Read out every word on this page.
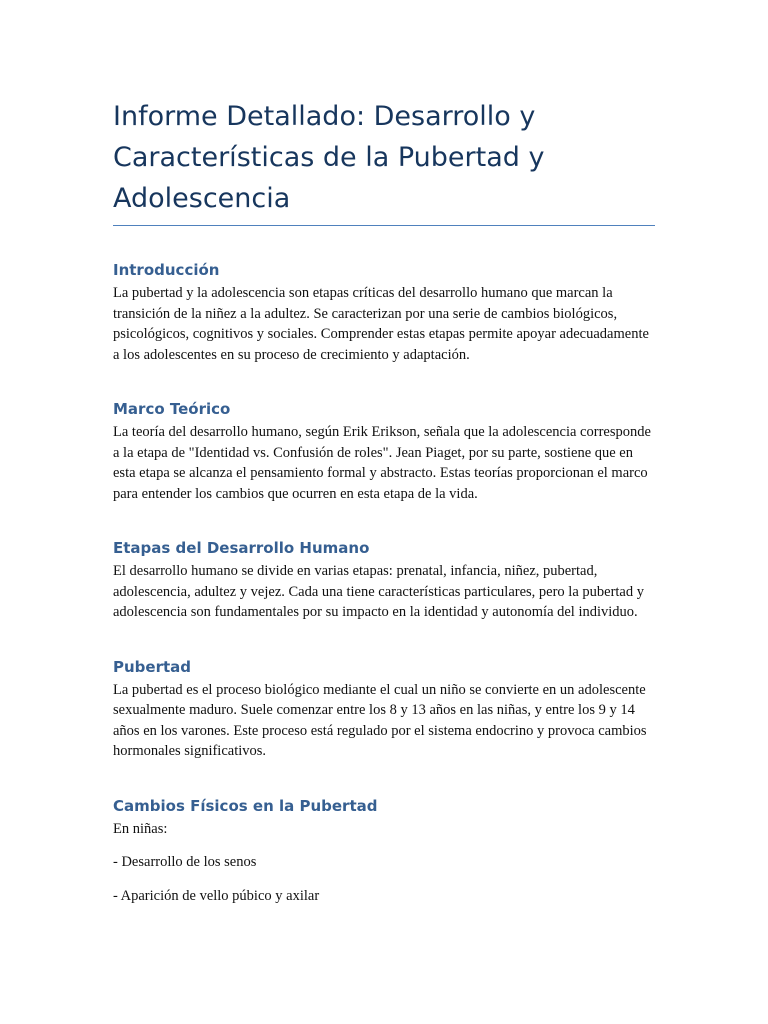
Informe Detallado: Desarrollo y Características de la Pubertad y Adolescencia
Introducción

La pubertad y la adolescencia son etapas críticas del desarrollo humano que marcan la transición de la niñez a la adultez. Se caracterizan por una serie de cambios biológicos, psicológicos, cognitivos y sociales. Comprender estas etapas permite apoyar adecuadamente a los adolescentes en su proceso de crecimiento y adaptación.

Marco Teórico

La teoría del desarrollo humano, según Erik Erikson, señala que la adolescencia corresponde a la etapa de "Identidad vs. Confusión de roles". Jean Piaget, por su parte, sostiene que en esta etapa se alcanza el pensamiento formal y abstracto. Estas teorías proporcionan el marco para entender los cambios que ocurren en esta etapa de la vida.

Etapas del Desarrollo Humano

El desarrollo humano se divide en varias etapas: prenatal, infancia, niñez, pubertad, adolescencia, adultez y vejez. Cada una tiene características particulares, pero la pubertad y adolescencia son fundamentales por su impacto en la identidad y autonomía del individuo.

Pubertad

La pubertad es el proceso biológico mediante el cual un niño se convierte en un adolescente sexualmente maduro. Suele comenzar entre los 8 y 13 años en las niñas, y entre los 9 y 14 años en los varones. Este proceso está regulado por el sistema endocrino y provoca cambios hormonales significativos.

Cambios Físicos en la Pubertad

En niñas:

- Desarrollo de los senos

- Aparición de vello púbico y axilar
